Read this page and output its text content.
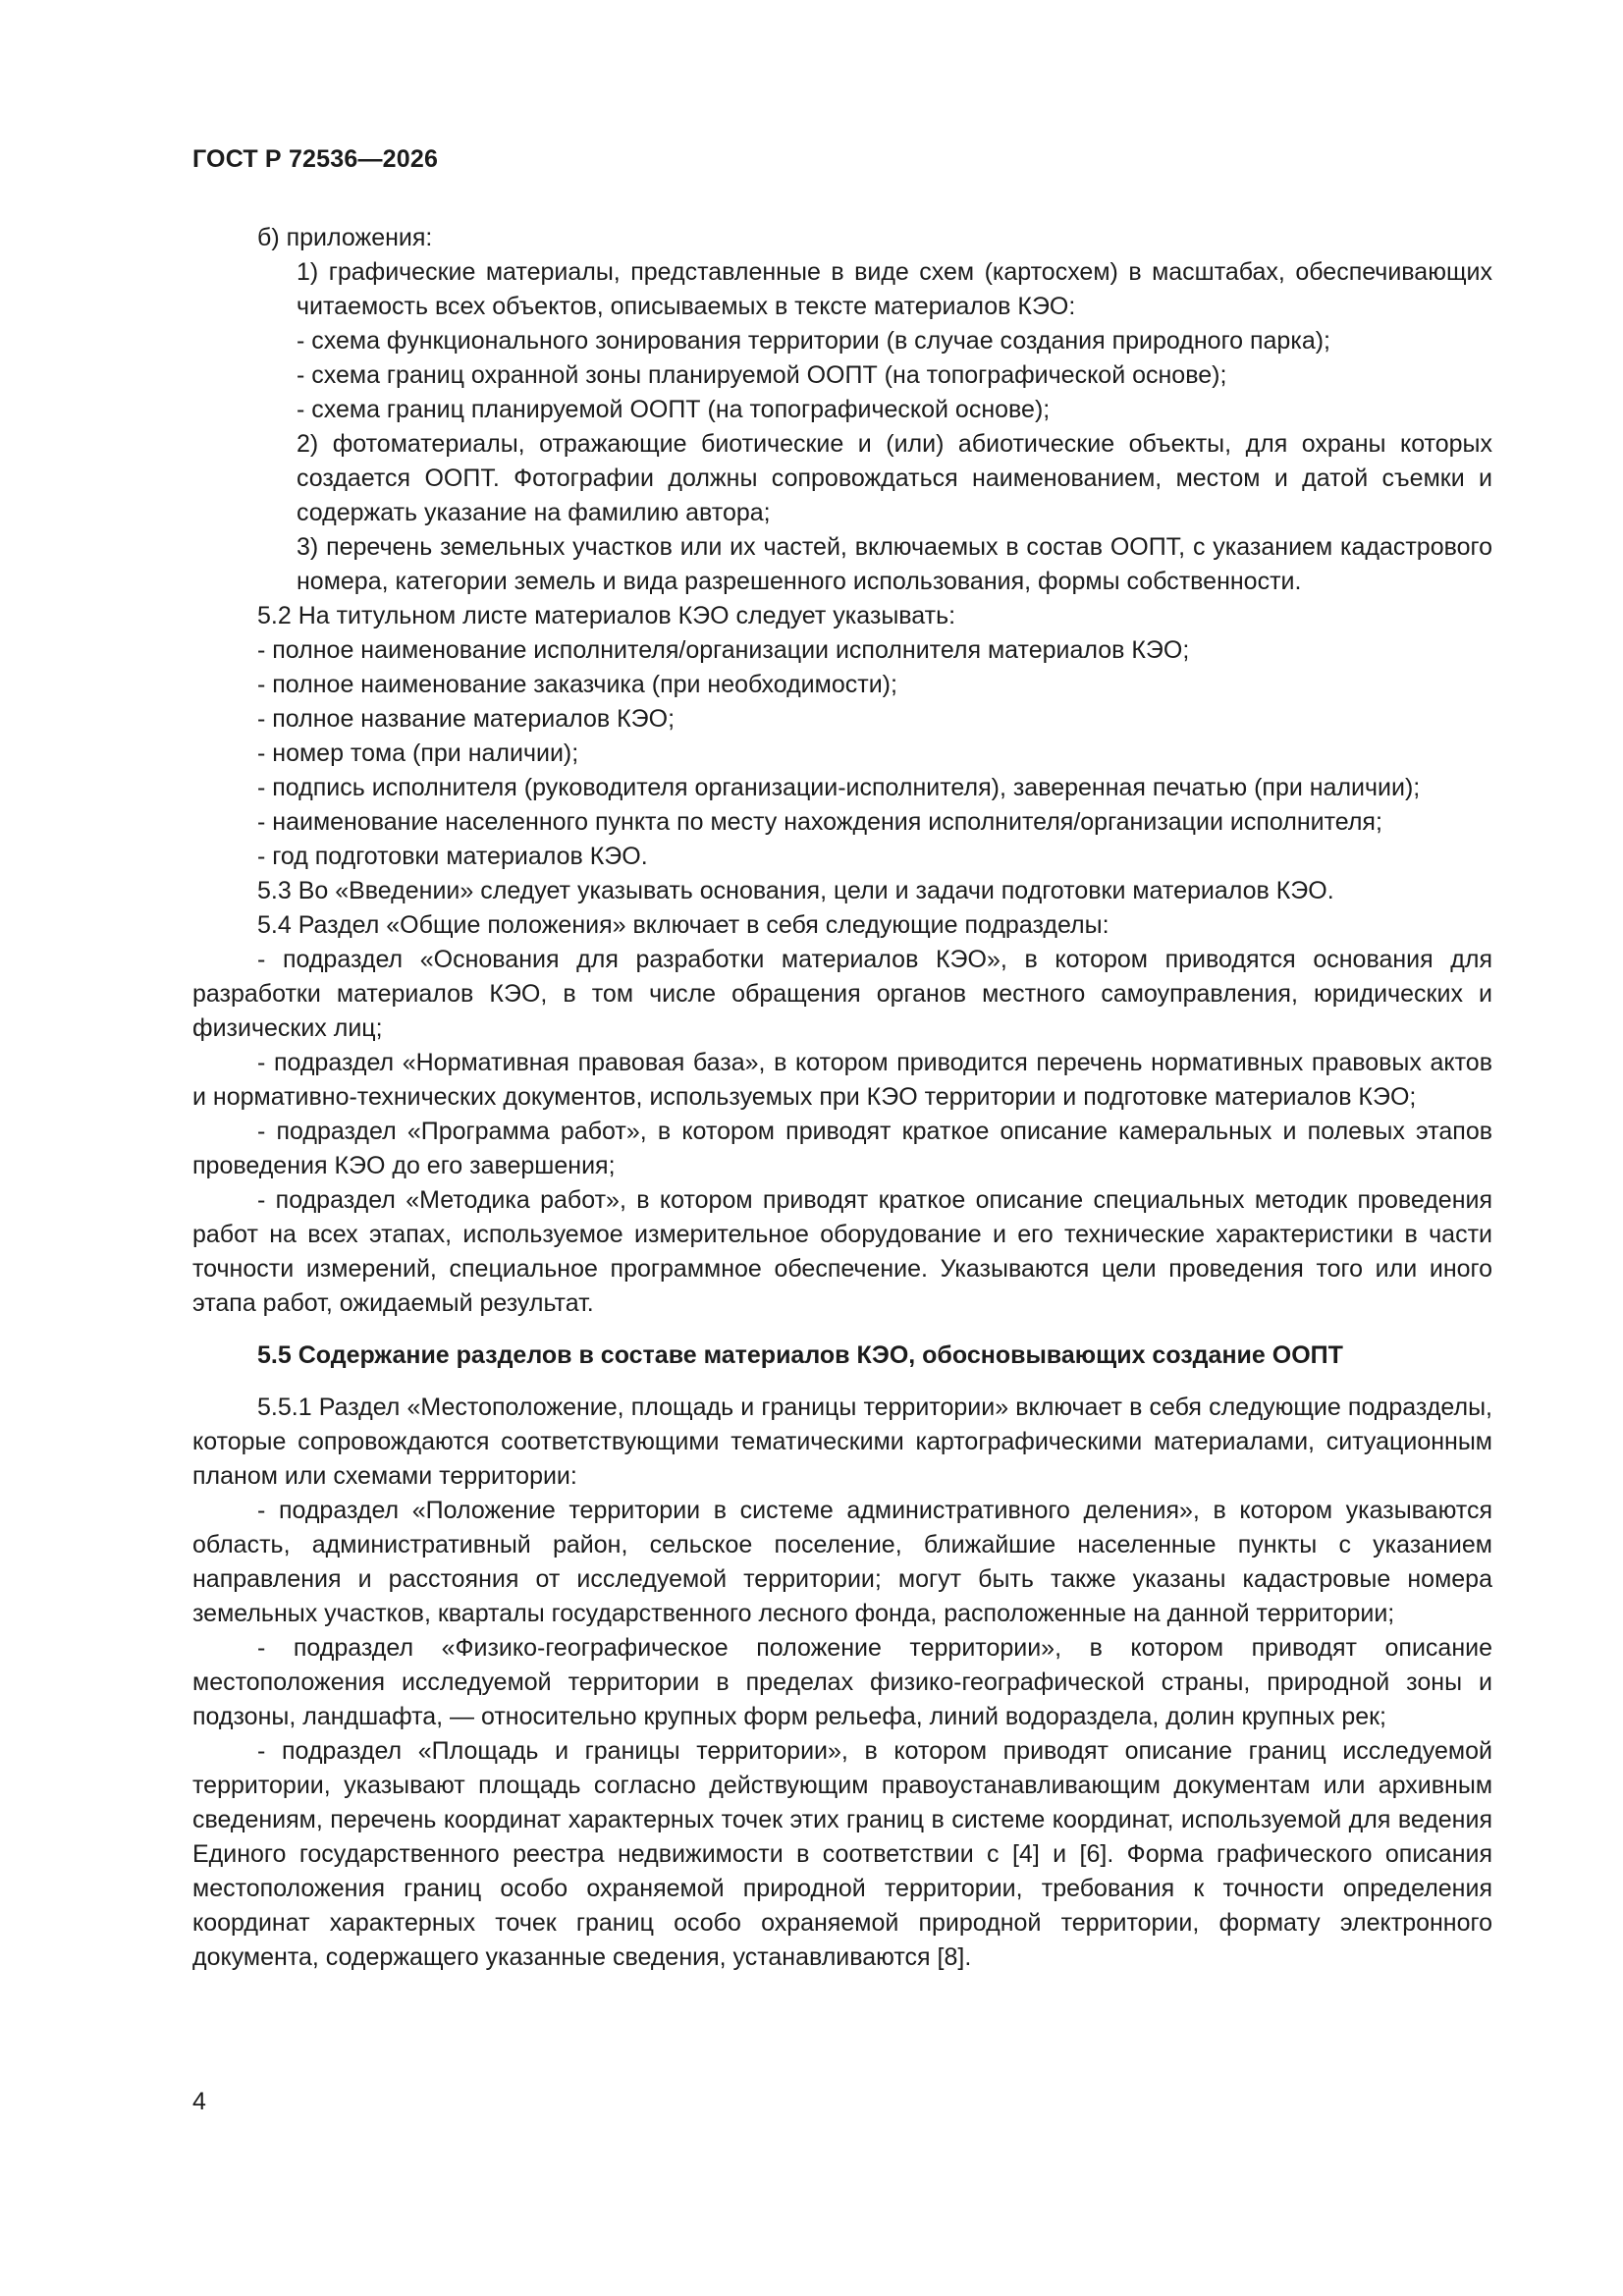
ГОСТ Р 72536—2026

б) приложения:

1) графические материалы, представленные в виде схем (картосхем) в масштабах, обеспечивающих читаемость всех объектов, описываемых в тексте материалов КЭО:

- схема функционального зонирования территории (в случае создания природного парка);

- схема границ охранной зоны планируемой ООПТ (на топографической основе);

- схема границ планируемой ООПТ (на топографической основе);

2) фотоматериалы, отражающие биотические и (или) абиотические объекты, для охраны которых создается ООПТ. Фотографии должны сопровождаться наименованием, местом и датой съемки и содержать указание на фамилию автора;

3) перечень земельных участков или их частей, включаемых в состав ООПТ, с указанием кадастрового номера, категории земель и вида разрешенного использования, формы собственности.

5.2 На титульном листе материалов КЭО следует указывать:

- полное наименование исполнителя/организации исполнителя материалов КЭО;

- полное наименование заказчика (при необходимости);

- полное название материалов КЭО;

- номер тома (при наличии);

- подпись исполнителя (руководителя организации-исполнителя), заверенная печатью (при наличии);

- наименование населенного пункта по месту нахождения исполнителя/организации исполнителя;

- год подготовки материалов КЭО.

5.3 Во «Введении» следует указывать основания, цели и задачи подготовки материалов КЭО.

5.4 Раздел «Общие положения» включает в себя следующие подразделы:

- подраздел «Основания для разработки материалов КЭО», в котором приводятся основания для разработки материалов КЭО, в том числе обращения органов местного самоуправления, юридических и физических лиц;

- подраздел «Нормативная правовая база», в котором приводится перечень нормативных правовых актов и нормативно-технических документов, используемых при КЭО территории и подготовке материалов КЭО;

- подраздел «Программа работ», в котором приводят краткое описание камеральных и полевых этапов проведения КЭО до его завершения;

- подраздел «Методика работ», в котором приводят краткое описание специальных методик проведения работ на всех этапах, используемое измерительное оборудование и его технические характеристики в части точности измерений, специальное программное обеспечение. Указываются цели проведения того или иного этапа работ, ожидаемый результат.

5.5 Содержание разделов в составе материалов КЭО, обосновывающих создание ООПТ

5.5.1 Раздел «Местоположение, площадь и границы территории» включает в себя следующие подразделы, которые сопровождаются соответствующими тематическими картографическими материалами, ситуационным планом или схемами территории:

- подраздел «Положение территории в системе административного деления», в котором указываются область, административный район, сельское поселение, ближайшие населенные пункты с указанием направления и расстояния от исследуемой территории; могут быть также указаны кадастровые номера земельных участков, кварталы государственного лесного фонда, расположенные на данной территории;

- подраздел «Физико-географическое положение территории», в котором приводят описание местоположения исследуемой территории в пределах физико-географической страны, природной зоны и подзоны, ландшафта, — относительно крупных форм рельефа, линий водораздела, долин крупных рек;

- подраздел «Площадь и границы территории», в котором приводят описание границ исследуемой территории, указывают площадь согласно действующим правоустанавливающим документам или архивным сведениям, перечень координат характерных точек этих границ в системе координат, используемой для ведения Единого государственного реестра недвижимости в соответствии с [4] и [6]. Форма графического описания местоположения границ особо охраняемой природной территории, требования к точности определения координат характерных точек границ особо охраняемой природной территории, формату электронного документа, содержащего указанные сведения, устанавливаются [8].

4
